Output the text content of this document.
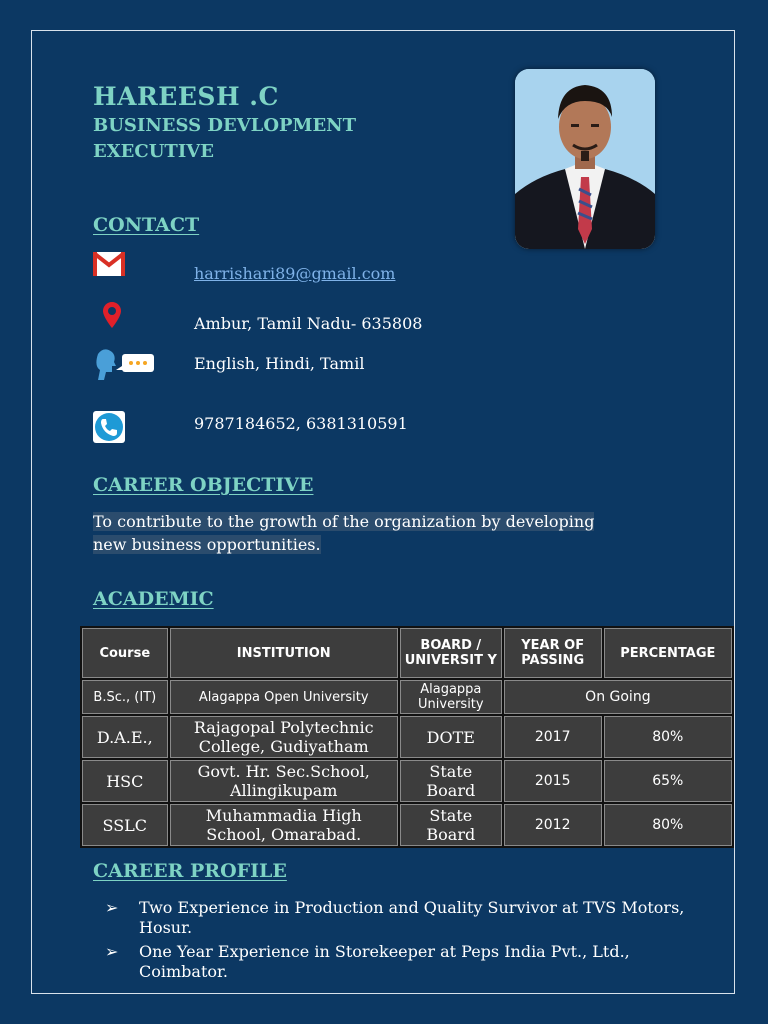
HAREESH .C
BUSINESS DEVLOPMENT
EXECUTIVE
CONTACT
harrishari89@gmail.com
Ambur, Tamil Nadu- 635808
English, Hindi, Tamil
9787184652, 6381310591
CAREER OBJECTIVE
To contribute to the growth of the organization by developing
new business opportunities.
ACADEMIC
Course	INSTITUTION	BOARD / UNIVERSIT Y	YEAR OF PASSING	PERCENTAGE
B.Sc., (IT)	Alagappa Open University	Alagappa University	On Going	
D.A.E.,	Rajagopal Polytechnic College, Gudiyatham	DOTE	2017	80%
HSC	Govt. Hr. Sec.School, Allingikupam	State Board	2015	65%
SSLC	Muhammadia High School, Omarabad.	State Board	2012	80%
CAREER PROFILE
➢ Two Experience in Production and Quality Survivor at TVS Motors, Hosur.
➢ One Year Experience in Storekeeper at Peps India Pvt., Ltd., Coimbator.
